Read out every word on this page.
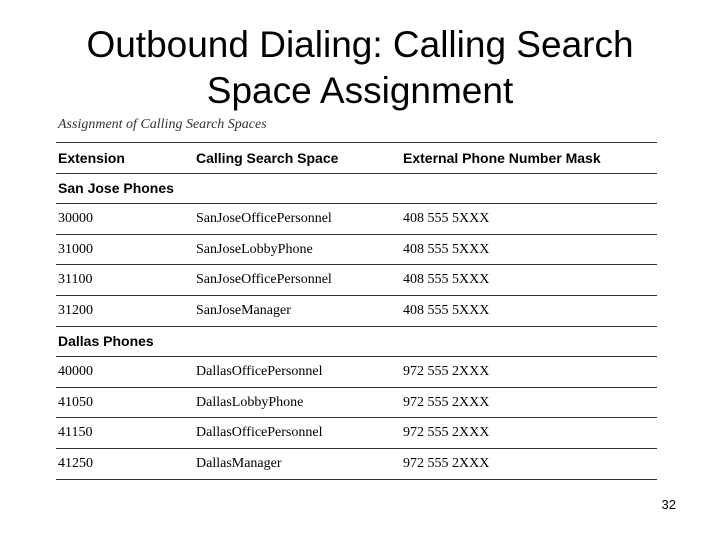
Outbound Dialing: Calling Search
Space Assignment
Assignment of Calling Search Spaces
Extension	Calling Search Space	External Phone Number Mask
San Jose Phones		
30000	SanJoseOfficePersonnel	408 555 5XXX
31000	SanJoseLobbyPhone	408 555 5XXX
31100	SanJoseOfficePersonnel	408 555 5XXX
31200	SanJoseManager	408 555 5XXX
Dallas Phones		
40000	DallasOfficePersonnel	972 555 2XXX
41050	DallasLobbyPhone	972 555 2XXX
41150	DallasOfficePersonnel	972 555 2XXX
41250	DallasManager	972 555 2XXX
32
